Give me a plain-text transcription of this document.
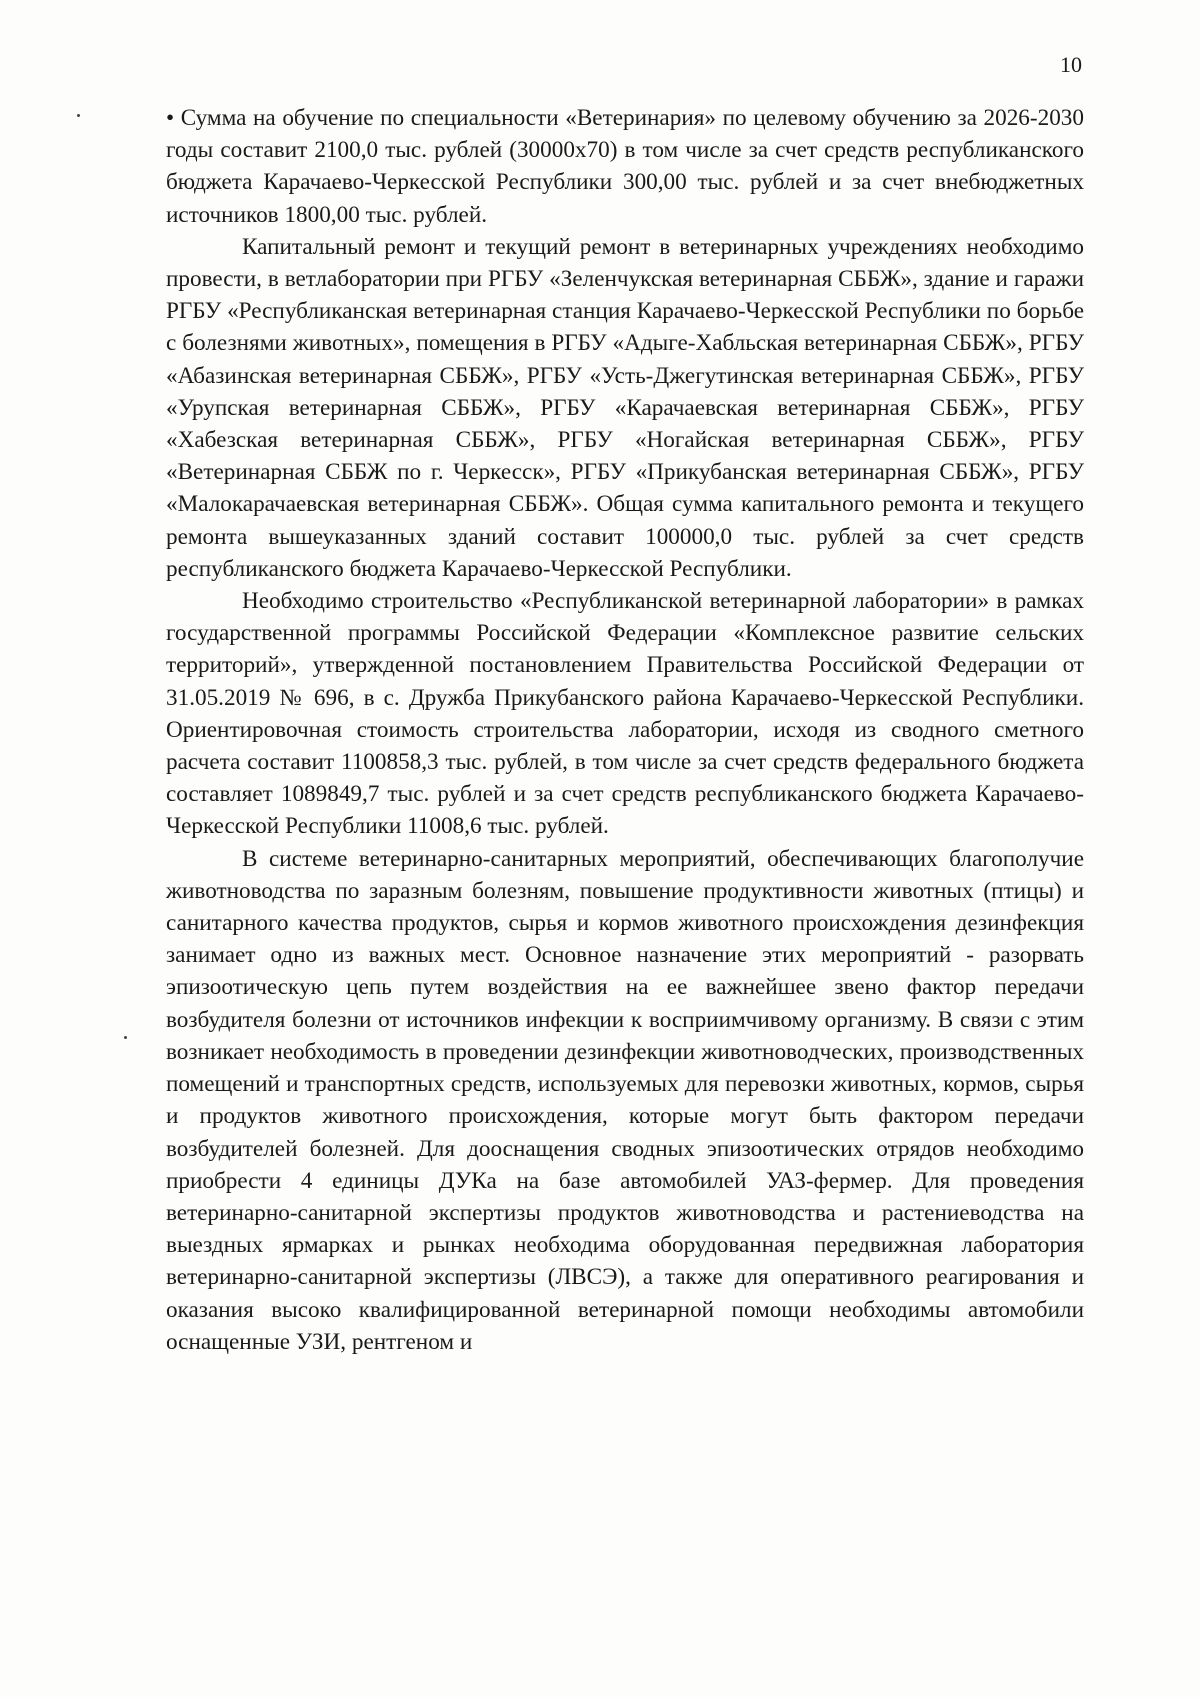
10

• Сумма на обучение по специальности «Ветеринария» по целевому обучению за 2026-2030 годы составит 2100,0 тыс. рублей (30000х70) в том числе за счет средств республиканского бюджета Карачаево-Черкесской Республики 300,00 тыс. рублей и за счет внебюджетных источников 1800,00 тыс. рублей.

Капитальный ремонт и текущий ремонт в ветеринарных учреждениях необходимо провести, в ветлаборатории при РГБУ «Зеленчукская ветеринарная СББЖ», здание и гаражи РГБУ «Республиканская ветеринарная станция Карачаево-Черкесской Республики по борьбе с болезнями животных», помещения в РГБУ «Адыге-Хабльская ветеринарная СББЖ», РГБУ «Абазинская ветеринарная СББЖ», РГБУ «Усть-Джегутинская ветеринарная СББЖ», РГБУ «Урупская ветеринарная СББЖ», РГБУ «Карачаевская ветеринарная СББЖ», РГБУ «Хабезская ветеринарная СББЖ», РГБУ «Ногайская ветеринарная СББЖ», РГБУ «Ветеринарная СББЖ по г. Черкесск», РГБУ «Прикубанская ветеринарная СББЖ», РГБУ «Малокарачаевская ветеринарная СББЖ». Общая сумма капитального ремонта и текущего ремонта вышеуказанных зданий составит 100000,0 тыс. рублей за счет средств республиканского бюджета Карачаево-Черкесской Республики.

Необходимо строительство «Республиканской ветеринарной лаборатории» в рамках государственной программы Российской Федерации «Комплексное развитие сельских территорий», утвержденной постановлением Правительства Российской Федерации от 31.05.2019 № 696, в с. Дружба Прикубанского района Карачаево-Черкесской Республики. Ориентировочная стоимость строительства лаборатории, исходя из сводного сметного расчета составит 1100858,3 тыс. рублей, в том числе за счет средств федерального бюджета составляет 1089849,7 тыс. рублей и за счет средств республиканского бюджета Карачаево-Черкесской Республики 11008,6 тыс. рублей.

В системе ветеринарно-санитарных мероприятий, обеспечивающих благополучие животноводства по заразным болезням, повышение продуктивности животных (птицы) и санитарного качества продуктов, сырья и кормов животного происхождения дезинфекция занимает одно из важных мест. Основное назначение этих мероприятий - разорвать эпизоотическую цепь путем воздействия на ее важнейшее звено фактор передачи возбудителя болезни от источников инфекции к восприимчивому организму. В связи с этим возникает необходимость в проведении дезинфекции животноводческих, производственных помещений и транспортных средств, используемых для перевозки животных, кормов, сырья и продуктов животного происхождения, которые могут быть фактором передачи возбудителей болезней. Для дооснащения сводных эпизоотических отрядов необходимо приобрести 4 единицы ДУКа на базе автомобилей УАЗ-фермер. Для проведения ветеринарно-санитарной экспертизы продуктов животноводства и растениеводства на выездных ярмарках и рынках необходима оборудованная передвижная лаборатория ветеринарно-санитарной экспертизы (ЛВСЭ), а также для оперативного реагирования и оказания высоко квалифицированной ветеринарной помощи необходимы автомобили оснащенные УЗИ, рентгеном и
